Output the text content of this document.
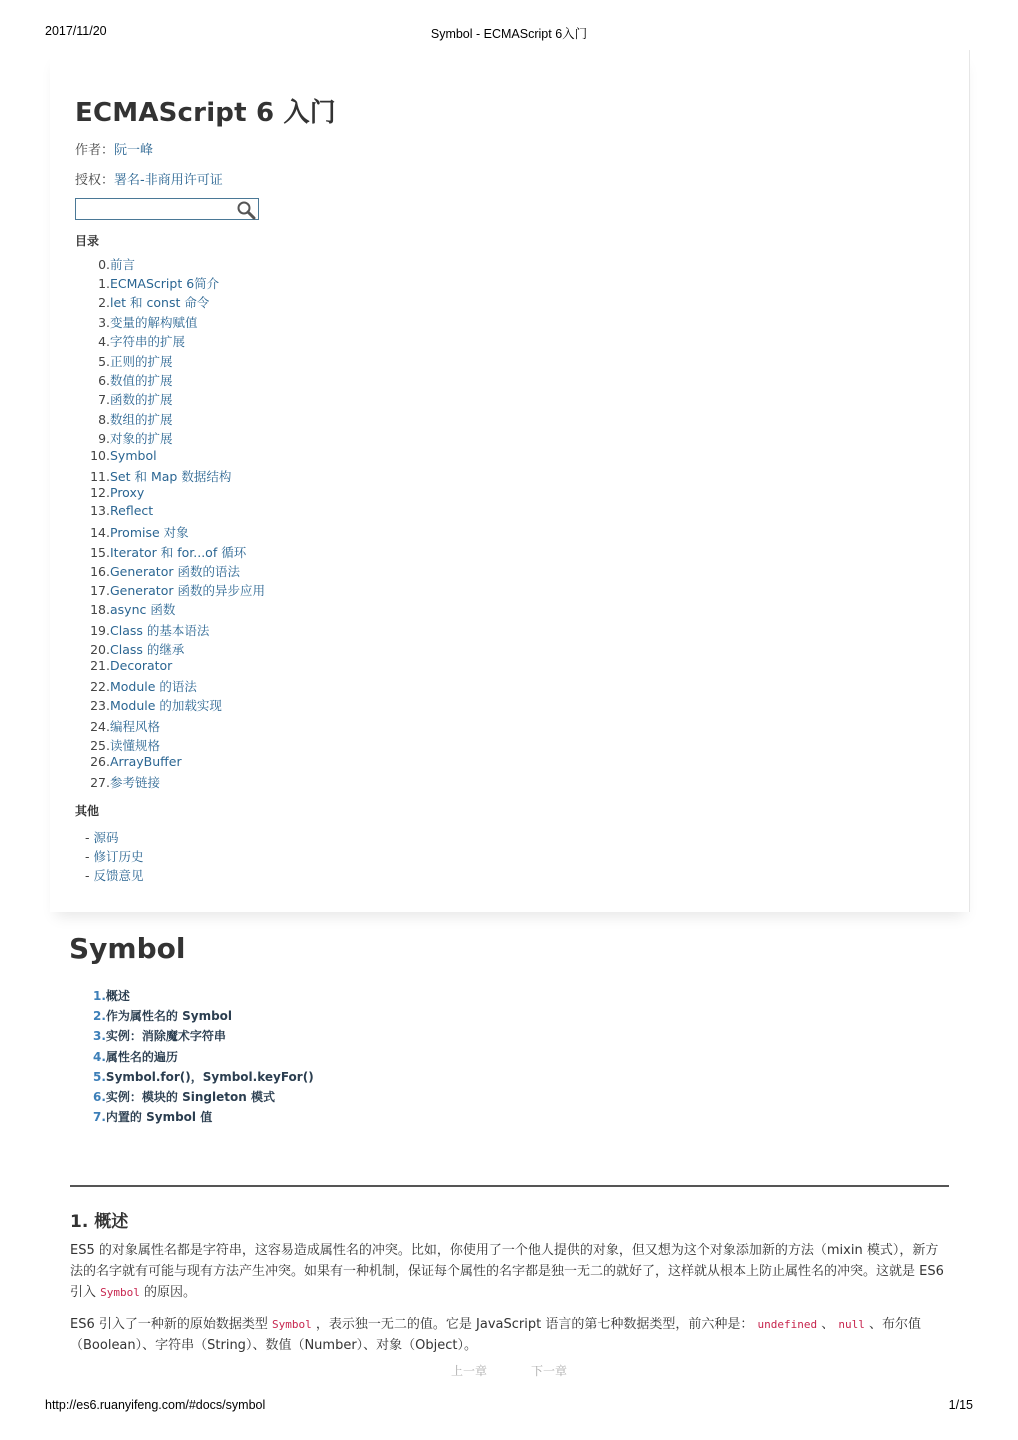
2017/11/20	Symbol - ECMAScript 6入门
ECMAScript 6 入门
作者：阮一峰
授权：署名-非商用许可证
目录
0.前言
1.ECMAScript 6简介
2.let 和 const 命令
3.变量的解构赋值
4.字符串的扩展
5.正则的扩展
6.数值的扩展
7.函数的扩展
8.数组的扩展
9.对象的扩展
10.Symbol
11.Set 和 Map 数据结构
12.Proxy
13.Reflect
14.Promise 对象
15.Iterator 和 for...of 循环
16.Generator 函数的语法
17.Generator 函数的异步应用
18.async 函数
19.Class 的基本语法
20.Class 的继承
21.Decorator
22.Module 的语法
23.Module 的加载实现
24.编程风格
25.读懂规格
26.ArrayBuffer
27.参考链接
其他
- 源码
- 修订历史
- 反馈意见
Symbol
1.概述
2.作为属性名的 Symbol
3.实例：消除魔术字符串
4.属性名的遍历
5.Symbol.for()，Symbol.keyFor()
6.实例：模块的 Singleton 模式
7.内置的 Symbol 值
1. 概述
ES5 的对象属性名都是字符串，这容易造成属性名的冲突。比如，你使用了一个他人提供的对象，但又想为这个对象添加新的方法（mixin 模式），新方
法的名字就有可能与现有方法产生冲突。如果有一种机制，保证每个属性的名字都是独一无二的就好了，这样就从根本上防止属性名的冲突。这就是 ES6
引入 Symbol 的原因。
ES6 引入了一种新的原始数据类型 Symbol ，表示独一无二的值。它是 JavaScript 语言的第七种数据类型，前六种是： undefined 、 null 、布尔值
（Boolean）、字符串（String）、数值（Number）、对象（Object）。
上一章	下一章
http://es6.ruanyifeng.com/#docs/symbol	1/15
